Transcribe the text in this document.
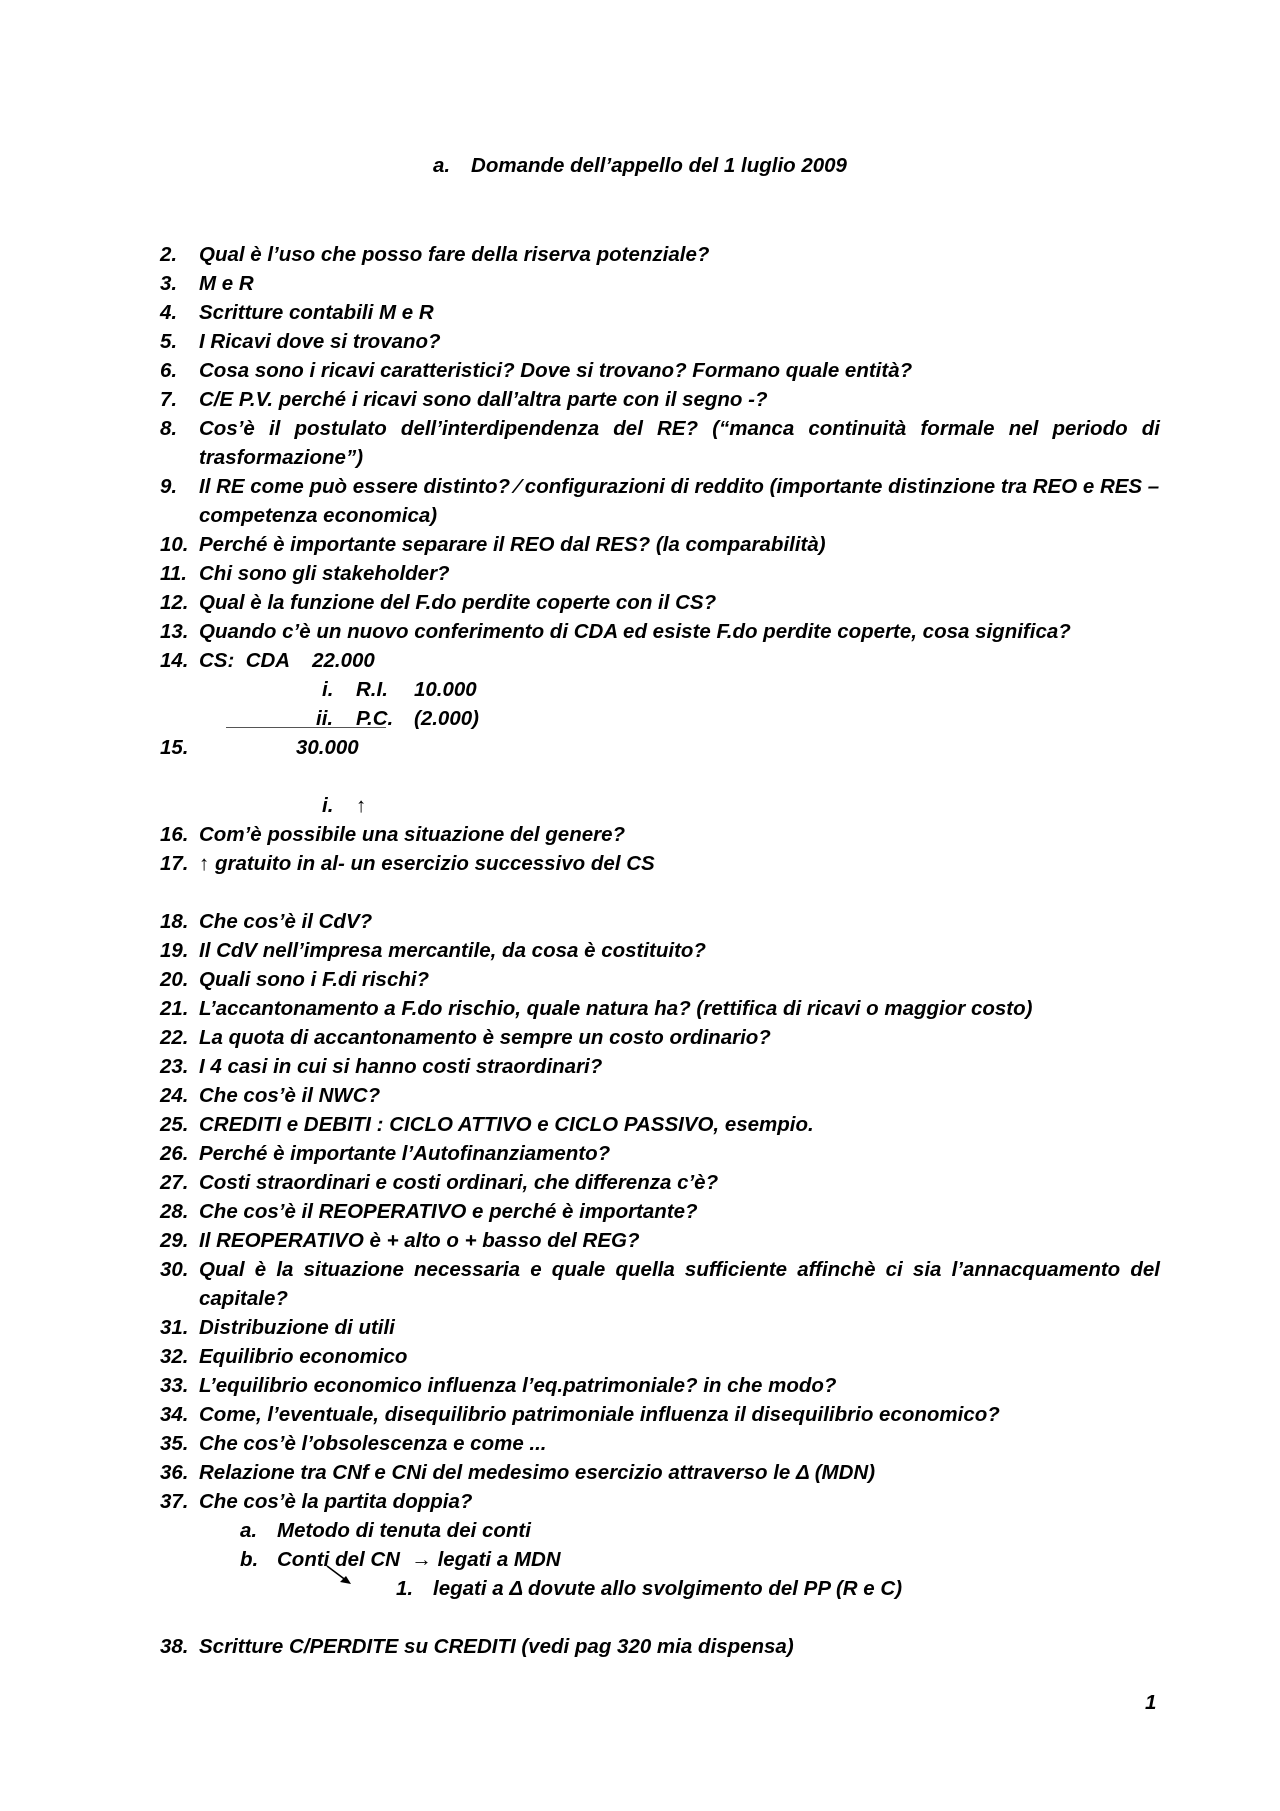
a. Domande dell’appello del 1 luglio 2009
2.	Qual è l’uso che posso fare della riserva potenziale?
3.	M e R
4.	Scritture contabili M e R
5.	I Ricavi dove si trovano?
6.	Cosa sono i ricavi caratteristici? Dove si trovano? Formano quale entità?
7.	C/E P.V. perché i ricavi sono dall’altra parte con il segno -?
8.	Cos’è il postulato dell’interdipendenza del RE? (“manca continuità formale nel periodo di trasformazione”)
9.	Il RE come può essere distinto? ⁄ configurazioni di reddito (importante distinzione tra REO e RES – competenza economica)
10. Perché è importante separare il REO dal RES? (la comparabilità)
11. Chi sono gli stakeholder?
12. Qual è la funzione del F.do perdite coperte con il CS?
13. Quando c’è un nuovo conferimento di CDA ed esiste F.do perdite coperte, cosa significa?
14. CS:  CDA    22.000
i. R.I. 10.000
ii. P.C. (2.000)
15.	30.000
i. ↑
16. Com’è possibile una situazione del genere?
17. ↑ gratuito in al- un esercizio successivo del CS
18. Che cos’è il CdV?
19. Il CdV nell’impresa mercantile, da cosa è costituito?
20. Quali sono i F.di rischi?
21. L’accantonamento a F.do rischio, quale natura ha? (rettifica di ricavi o maggior costo)
22. La quota di accantonamento è sempre un costo ordinario?
23. I 4 casi in cui si hanno costi straordinari?
24. Che cos’è il NWC?
25. CREDITI e DEBITI : CICLO ATTIVO e CICLO PASSIVO, esempio.
26. Perché è importante l’Autofinanziamento?
27. Costi straordinari e costi ordinari, che differenza c’è?
28. Che cos’è il REOPERATIVO e perché è importante?
29. Il REOPERATIVO è + alto o + basso del REG?
30. Qual è la situazione necessaria e quale quella sufficiente affinchè ci sia l’annacquamento del capitale?
31. Distribuzione di utili
32. Equilibrio economico
33. L’equilibrio economico influenza l’eq.patrimoniale? in che modo?
34. Come, l’eventuale, disequilibrio patrimoniale influenza il disequilibrio economico?
35. Che cos’è l’obsolescenza e come ...
36. Relazione tra CNf e CNi del medesimo esercizio attraverso le Δ (MDN)
37. Che cos’è la partita doppia?
a. Metodo di tenuta dei conti
b. Conti del CN  → legati a MDN
1. legati a Δ dovute allo svolgimento del PP (R e C)
38. Scritture C/PERDITE su CREDITI (vedi pag 320 mia dispensa)
1
